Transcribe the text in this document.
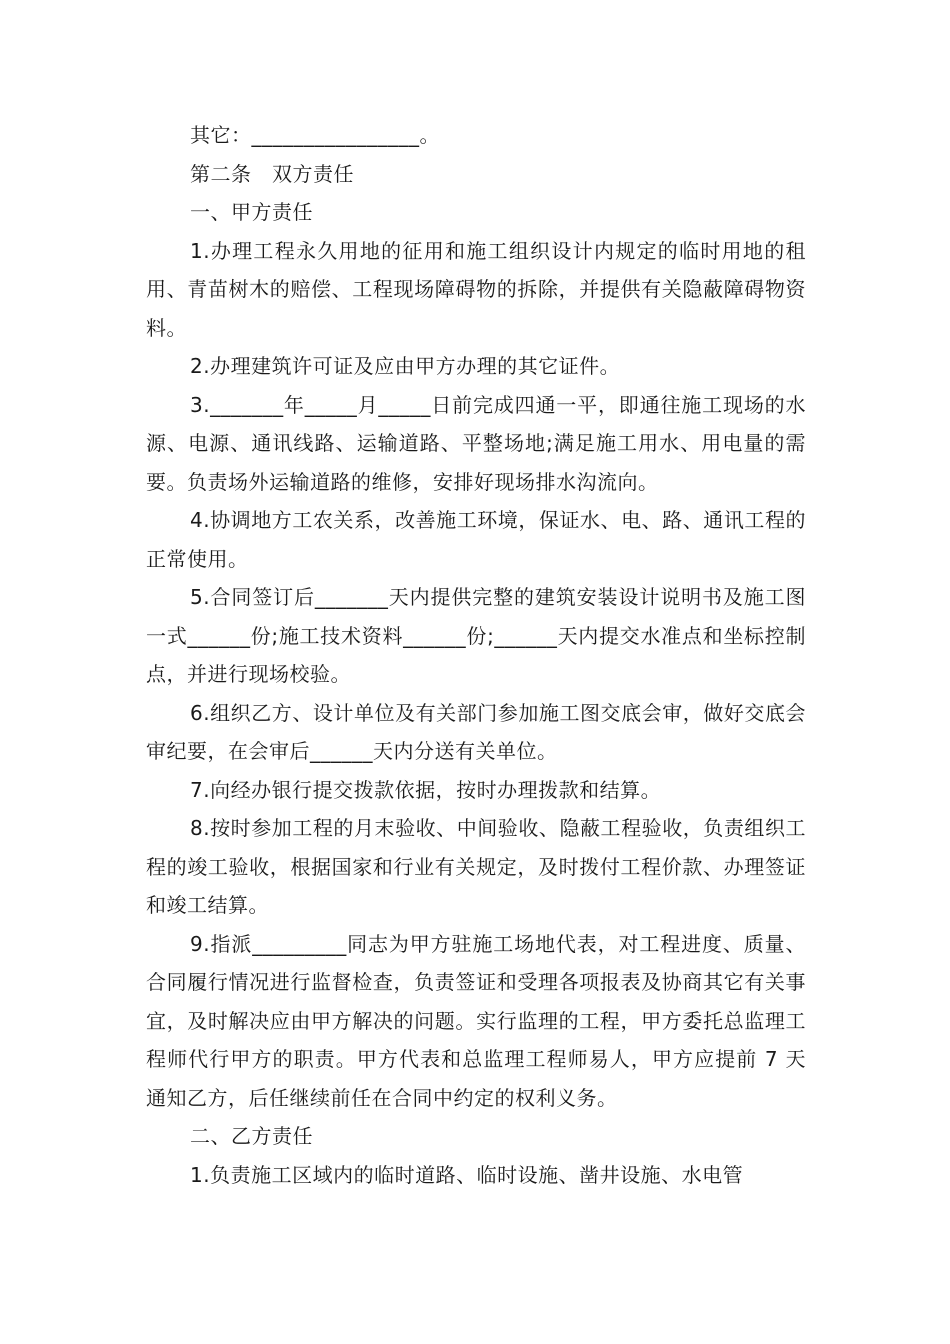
其它：________________。

第二条　双方责任

一、甲方责任

1.办理工程永久用地的征用和施工组织设计内规定的临时用地的租用、青苗树木的赔偿、工程现场障碍物的拆除，并提供有关隐蔽障碍物资料。

2.办理建筑许可证及应由甲方办理的其它证件。

3._______年_____月_____日前完成四通一平，即通往施工现场的水源、电源、通讯线路、运输道路、平整场地;满足施工用水、用电量的需要。负责场外运输道路的维修，安排好现场排水沟流向。

4.协调地方工农关系，改善施工环境，保证水、电、路、通讯工程的正常使用。

5.合同签订后_______天内提供完整的建筑安装设计说明书及施工图一式______份;施工技术资料______份;______天内提交水准点和坐标控制点，并进行现场校验。

6.组织乙方、设计单位及有关部门参加施工图交底会审，做好交底会审纪要，在会审后______天内分送有关单位。

7.向经办银行提交拨款依据，按时办理拨款和结算。

8.按时参加工程的月末验收、中间验收、隐蔽工程验收，负责组织工程的竣工验收，根据国家和行业有关规定，及时拨付工程价款、办理签证和竣工结算。

9.指派_________同志为甲方驻施工场地代表，对工程进度、质量、合同履行情况进行监督检查，负责签证和受理各项报表及协商其它有关事宜，及时解决应由甲方解决的问题。实行监理的工程，甲方委托总监理工程师代行甲方的职责。甲方代表和总监理工程师易人，甲方应提前 7 天通知乙方，后任继续前任在合同中约定的权利义务。

二、乙方责任

1.负责施工区域内的临时道路、临时设施、凿井设施、水电管
